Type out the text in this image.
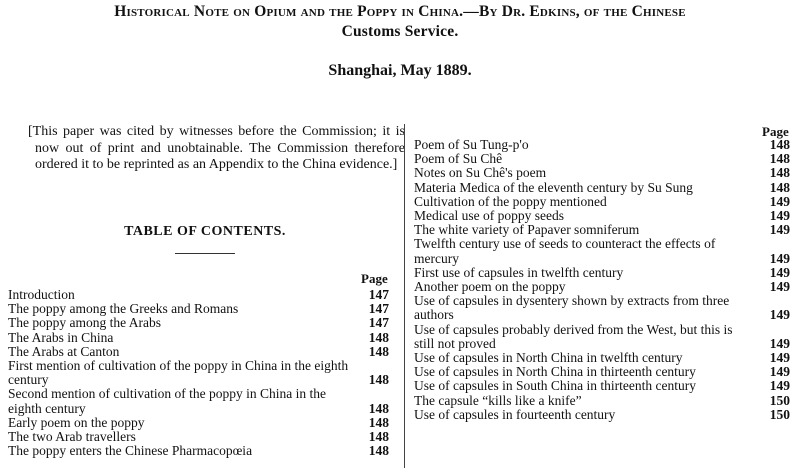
Historical Note on Opium and the Poppy in China.—By Dr. Edkins, of the Chinese
Customs Service.
Shanghai, May 1889.
[This paper was cited by witnesses before the Commission; it is now out of print and unobtainable. The Commission therefore ordered it to be reprinted as an Appendix to the China evidence.]
TABLE OF CONTENTS.
Page
Page
Introduction	147
The poppy among the Greeks and Romans	147
The poppy among the Arabs	147
The Arabs in China	148
The Arabs at Canton	148
First mention of cultivation of the poppy in China in the eighth century	148
Second mention of cultivation of the poppy in China in the eighth century	148
Early poem on the poppy	148
The two Arab travellers	148
The poppy enters the Chinese Pharmacopœia	148
Poem of Su Tung-p'o	148
Poem of Su Chê	148
Notes on Su Chê's poem	148
Materia Medica of the eleventh century by Su Sung	148
Cultivation of the poppy mentioned	149
Medical use of poppy seeds	149
The white variety of Papaver somniferum	149
Twelfth century use of seeds to counteract the effects of mercury	149
First use of capsules in twelfth century	149
Another poem on the poppy	149
Use of capsules in dysentery shown by extracts from three authors	149
Use of capsules probably derived from the West, but this is still not proved	149
Use of capsules in North China in twelfth century	149
Use of capsules in North China in thirteenth century	149
Use of capsules in South China in thirteenth century	149
The capsule “kills like a knife”	150
Use of capsules in fourteenth century	150
